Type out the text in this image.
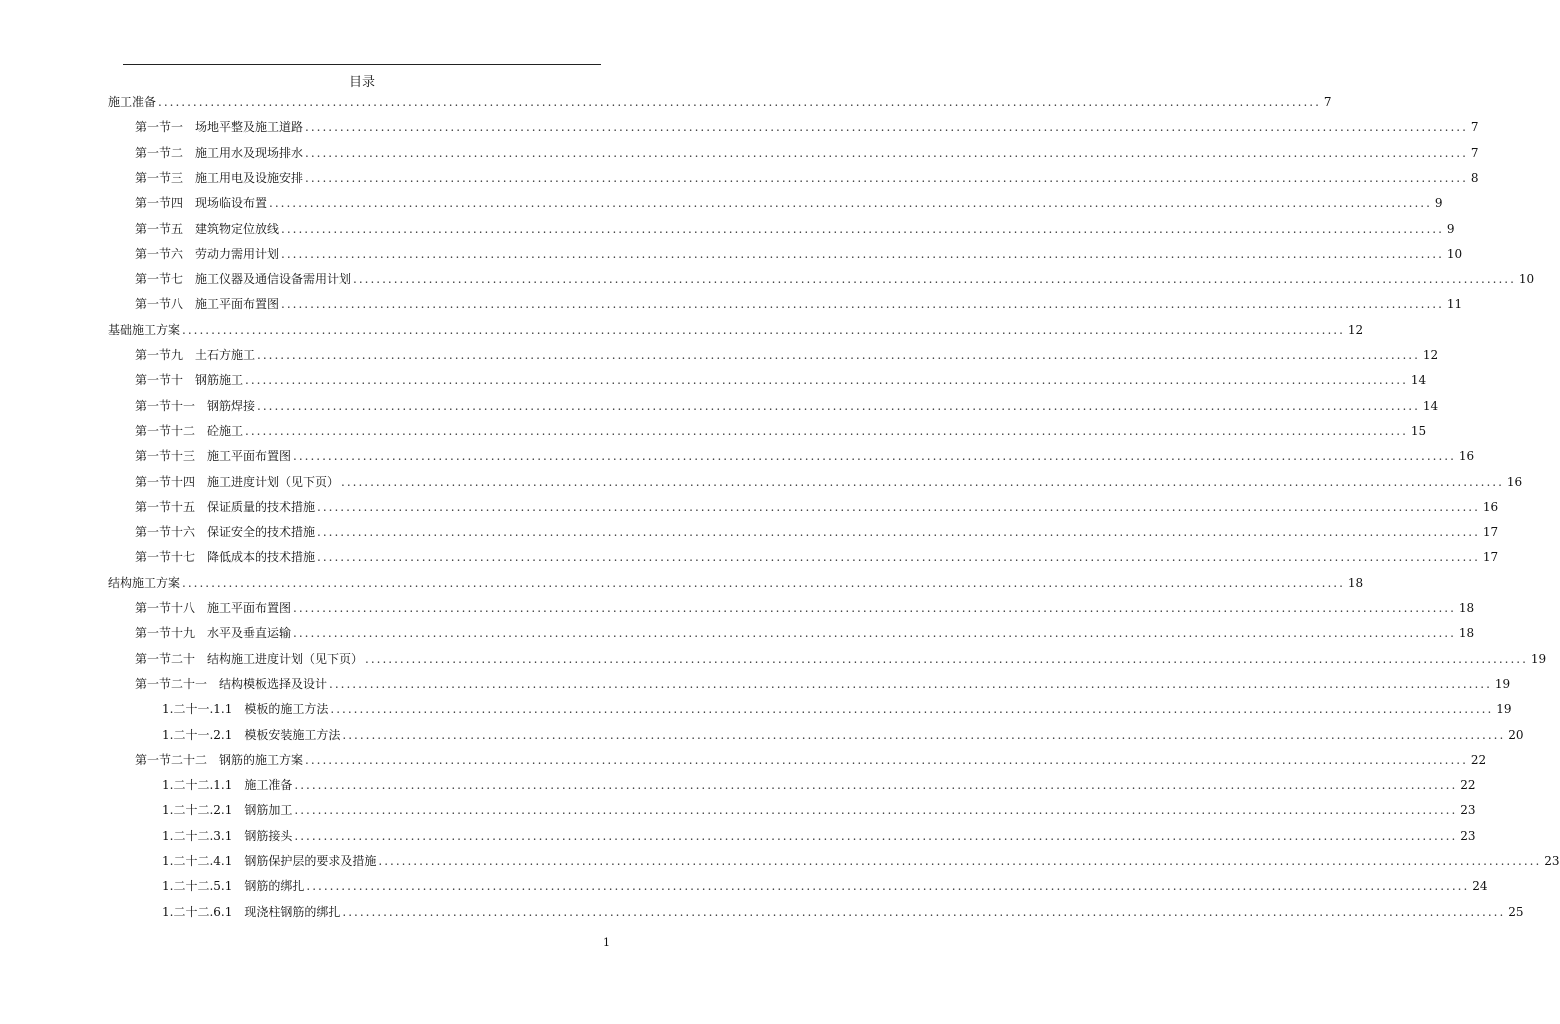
目录
施工准备 ........................................................................................................................................................................................................ 7
第一节一 场地平整及施工道路 ........................................................................................................................................................................................................ 7
第一节二 施工用水及现场排水 ........................................................................................................................................................................................................ 7
第一节三 施工用电及设施安排 ........................................................................................................................................................................................................ 8
第一节四 现场临设布置 ........................................................................................................................................................................................................ 9
第一节五 建筑物定位放线 ........................................................................................................................................................................................................ 9
第一节六 劳动力需用计划 ........................................................................................................................................................................................................ 10
第一节七 施工仪器及通信设备需用计划 ........................................................................................................................................................................................................ 10
第一节八 施工平面布置图 ........................................................................................................................................................................................................ 11
基础施工方案 ........................................................................................................................................................................................................ 12
第一节九 土石方施工 ........................................................................................................................................................................................................ 12
第一节十 钢筋施工 ........................................................................................................................................................................................................ 14
第一节十一 钢筋焊接 ........................................................................................................................................................................................................ 14
第一节十二 砼施工 ........................................................................................................................................................................................................ 15
第一节十三 施工平面布置图 ........................................................................................................................................................................................................ 16
第一节十四 施工进度计划（见下页） ........................................................................................................................................................................................................ 16
第一节十五 保证质量的技术措施 ........................................................................................................................................................................................................ 16
第一节十六 保证安全的技术措施 ........................................................................................................................................................................................................ 17
第一节十七 降低成本的技术措施 ........................................................................................................................................................................................................ 17
结构施工方案 ........................................................................................................................................................................................................ 18
第一节十八 施工平面布置图 ........................................................................................................................................................................................................ 18
第一节十九 水平及垂直运输 ........................................................................................................................................................................................................ 18
第一节二十 结构施工进度计划（见下页） ........................................................................................................................................................................................................ 19
第一节二十一 结构模板选择及设计 ........................................................................................................................................................................................................ 19
1.二十一.1.1 模板的施工方法 ........................................................................................................................................................................................................ 19
1.二十一.2.1 模板安装施工方法 ........................................................................................................................................................................................................ 20
第一节二十二 钢筋的施工方案 ........................................................................................................................................................................................................ 22
1.二十二.1.1 施工准备 ........................................................................................................................................................................................................ 22
1.二十二.2.1 钢筋加工 ........................................................................................................................................................................................................ 23
1.二十二.3.1 钢筋接头 ........................................................................................................................................................................................................ 23
1.二十二.4.1 钢筋保护层的要求及措施 ........................................................................................................................................................................................................ 23
1.二十二.5.1 钢筋的绑扎 ........................................................................................................................................................................................................ 24
1.二十二.6.1 现浇柱钢筋的绑扎 ........................................................................................................................................................................................................ 25
1
